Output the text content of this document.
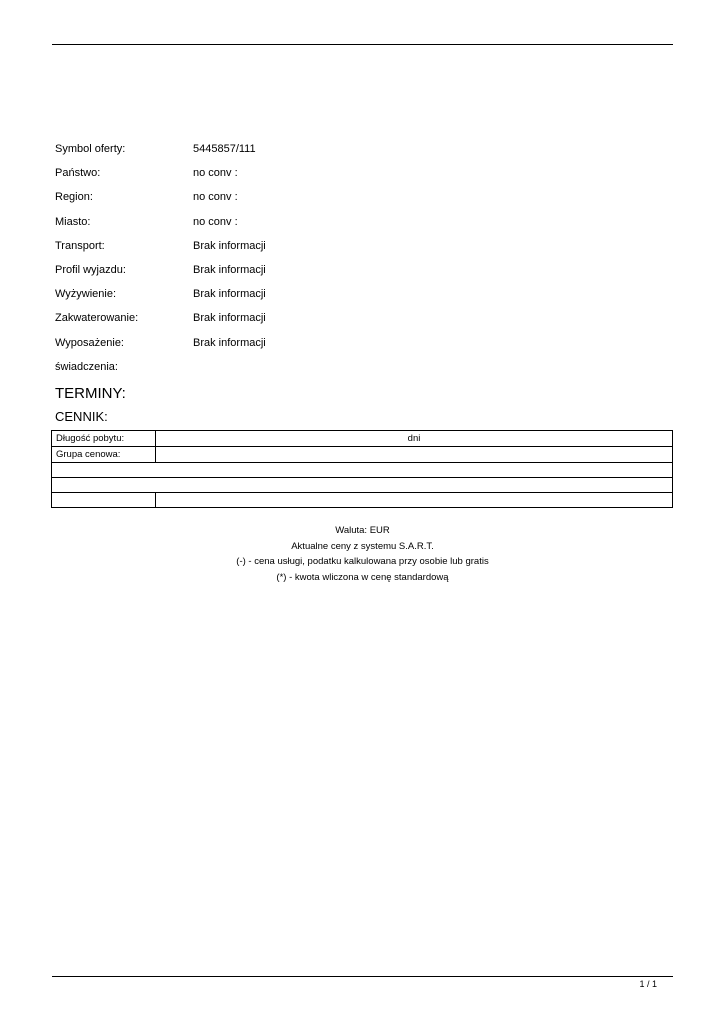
Symbol oferty:	5445857/111
Państwo:	no conv :
Region:	no conv :
Miasto:	no conv :
Transport:	Brak informacji
Profil wyjazdu:	Brak informacji
Wyżywienie:	Brak informacji
Zakwaterowanie:	Brak informacji
Wyposażenie:	Brak informacji
świadczenia:
TERMINY:
CENNIK:
Długość pobytu:	dni
Grupa cenowa:	

Waluta: EUR
Aktualne ceny z systemu S.A.R.T.
(-) - cena usługi, podatku kalkulowana przy osobie lub gratis
(*) - kwota wliczona w cenę standardową
1 / 1
